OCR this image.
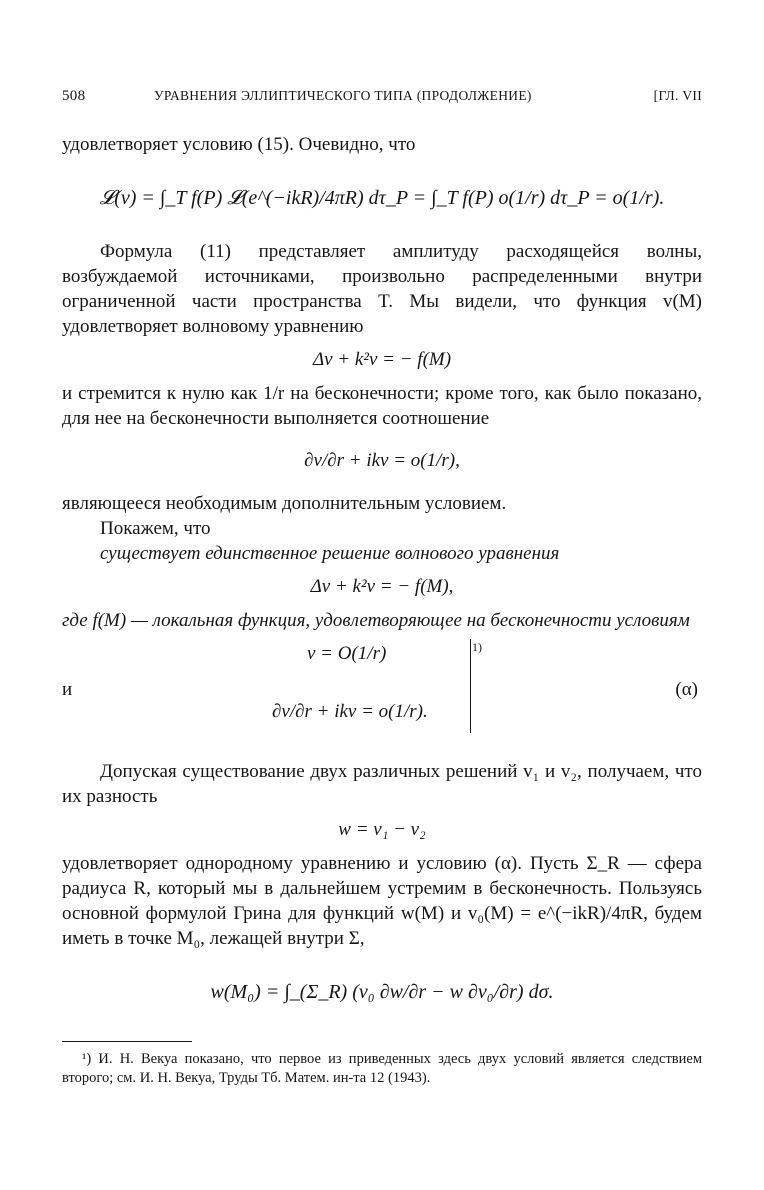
508	УРАВНЕНИЯ ЭЛЛИПТИЧЕСКОГО ТИПА (ПРОДОЛЖЕНИЕ)	[ГЛ. VII

удовлетворяет условию (15). Очевидно, что

𝓛(v) = ∫_T f(P) 𝓛(e^(−ikR)/4πR) dτ_P = ∫_T f(P) o(1/r) dτ_P = o(1/r).

Формула (11) представляет амплитуду расходящейся волны, возбуждаемой источниками, произвольно распределенными внутри ограниченной части пространства T. Мы видели, что функция v(M) удовлетворяет волновому уравнению

Δv + k²v = − f(M)

и стремится к нулю как 1/r на бесконечности; кроме того, как было показано, для нее на бесконечности выполняется соотношение

∂v/∂r + ikv = o(1/r),

являющееся необходимым дополнительным условием.

Покажем, что

существует единственное решение волнового уравнения

Δv + k²v = − f(M),

где f(M) — локальная функция, удовлетворяющее на бесконечности условиям

и
v = O(1/r)
∂v/∂r + ikv = o(1/r).
1)
(α)

Допуская существование двух различных решений v₁ и v₂, получаем, что их разность

w = v₁ − v₂

удовлетворяет однородному уравнению и условию (α). Пусть Σ_R — сфера радиуса R, который мы в дальнейшем устремим в бесконечность. Пользуясь основной формулой Грина для функций w(M) и v₀(M) = e^(−ikR)/4πR, будем иметь в точке M₀, лежащей внутри Σ,

w(M₀) = ∫_(Σ_R) (v₀ ∂w/∂r − w ∂v₀/∂r) dσ.

¹) И. Н. Векуа показано, что первое из приведенных здесь двух условий является следствием второго; см. И. Н. Векуа, Труды Тб. Матем. ин-та 12 (1943).
